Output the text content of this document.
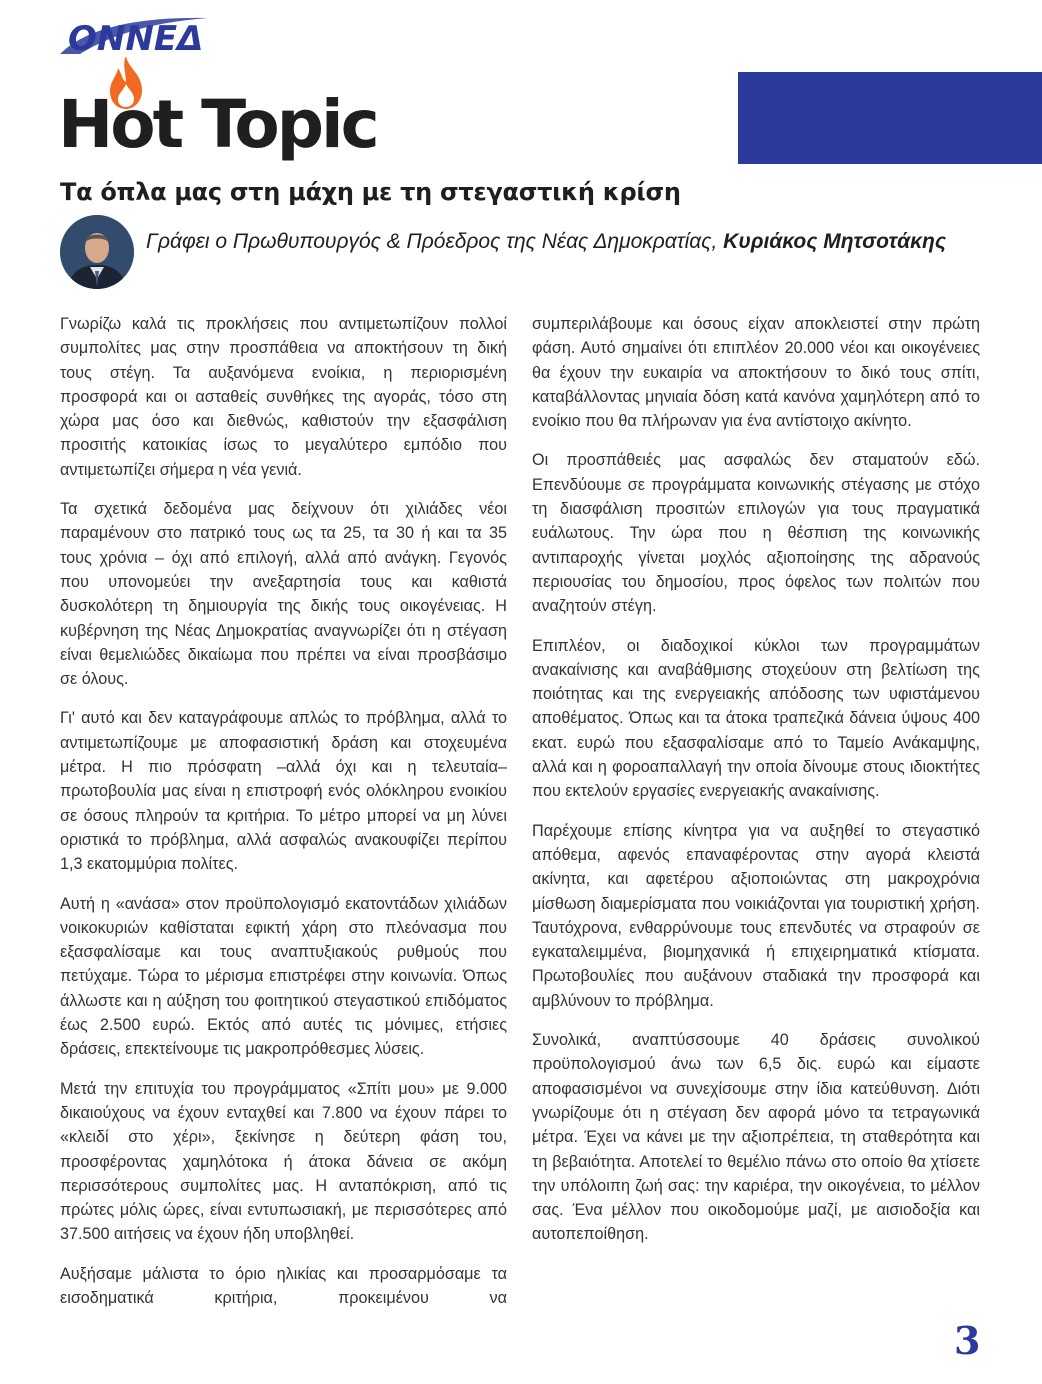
ΟΝΝΕΔ
Hot Topic
Τα όπλα μας στη μάχη με τη στεγαστική κρίση
Γράφει ο Πρωθυπουργός & Πρόεδρος της Νέας Δημοκρατίας, Κυριάκος Μητσοτάκης

Γνωρίζω καλά τις προκλήσεις που αντιμετωπίζουν πολλοί συμπολίτες μας στην προσπάθεια να αποκτήσουν τη δική τους στέγη. Τα αυξανόμενα ενοίκια, η περιορισμένη προσφορά και οι ασταθείς συνθήκες της αγοράς, τόσο στη χώρα μας όσο και διεθνώς, καθιστούν την εξασφάλιση προσιτής κατοικίας ίσως το μεγαλύτερο εμπόδιο που αντιμετωπίζει σήμερα η νέα γενιά.

Τα σχετικά δεδομένα μας δείχνουν ότι χιλιάδες νέοι παραμένουν στο πατρικό τους ως τα 25, τα 30 ή και τα 35 τους χρόνια – όχι από επιλογή, αλλά από ανάγκη. Γεγονός που υπονομεύει την ανεξαρτησία τους και καθιστά δυσκολότερη τη δημιουργία της δικής τους οικογένειας. Η κυβέρνηση της Νέας Δημοκρατίας αναγνωρίζει ότι η στέγαση είναι θεμελιώδες δικαίωμα που πρέπει να είναι προσβάσιμο σε όλους.

Γι' αυτό και δεν καταγράφουμε απλώς το πρόβλημα, αλλά το αντιμετωπίζουμε με αποφασιστική δράση και στοχευμένα μέτρα. Η πιο πρόσφατη –αλλά όχι και η τελευταία– πρωτοβουλία μας είναι η επιστροφή ενός ολόκληρου ενοικίου σε όσους πληρούν τα κριτήρια. Το μέτρο μπορεί να μη λύνει οριστικά το πρόβλημα, αλλά ασφαλώς ανακουφίζει περίπου 1,3 εκατομμύρια πολίτες.

Αυτή η «ανάσα» στον προϋπολογισμό εκατοντάδων χιλιάδων νοικοκυριών καθίσταται εφικτή χάρη στο πλεόνασμα που εξασφαλίσαμε και τους αναπτυξιακούς ρυθμούς που πετύχαμε. Τώρα το μέρισμα επιστρέφει στην κοινωνία. Όπως άλλωστε και η αύξηση του φοιτητικού στεγαστικού επιδόματος έως 2.500 ευρώ. Εκτός από αυτές τις μόνιμες, ετήσιες δράσεις, επεκτείνουμε τις μακροπρόθεσμες λύσεις.

Μετά την επιτυχία του προγράμματος «Σπίτι μου» με 9.000 δικαιούχους να έχουν ενταχθεί και 7.800 να έχουν πάρει το «κλειδί στο χέρι», ξεκίνησε η δεύτερη φάση του, προσφέροντας χαμηλότοκα ή άτοκα δάνεια σε ακόμη περισσότερους συμπολίτες μας. Η ανταπόκριση, από τις πρώτες μόλις ώρες, είναι εντυπωσιακή, με περισσότερες από 37.500 αιτήσεις να έχουν ήδη υποβληθεί.

Αυξήσαμε μάλιστα το όριο ηλικίας και προσαρμόσαμε τα εισοδηματικά κριτήρια, προκειμένου να

συμπεριλάβουμε και όσους είχαν αποκλειστεί στην πρώτη φάση. Αυτό σημαίνει ότι επιπλέον 20.000 νέοι και οικογένειες θα έχουν την ευκαιρία να αποκτήσουν το δικό τους σπίτι, καταβάλλοντας μηνιαία δόση κατά κανόνα χαμηλότερη από το ενοίκιο που θα πλήρωναν για ένα αντίστοιχο ακίνητο.

Οι προσπάθειές μας ασφαλώς δεν σταματούν εδώ. Επενδύουμε σε προγράμματα κοινωνικής στέγασης με στόχο τη διασφάλιση προσιτών επιλογών για τους πραγματικά ευάλωτους. Την ώρα που η θέσπιση της κοινωνικής αντιπαροχής γίνεται μοχλός αξιοποίησης της αδρανούς περιουσίας του δημοσίου, προς όφελος των πολιτών που αναζητούν στέγη.

Επιπλέον, οι διαδοχικοί κύκλοι των προγραμμάτων ανακαίνισης και αναβάθμισης στοχεύουν στη βελτίωση της ποιότητας και της ενεργειακής απόδοσης των υφιστάμενου αποθέματος. Όπως και τα άτοκα τραπεζικά δάνεια ύψους 400 εκατ. ευρώ που εξασφαλίσαμε από το Ταμείο Ανάκαμψης, αλλά και η φοροαπαλλαγή την οποία δίνουμε στους ιδιοκτήτες που εκτελούν εργασίες ενεργειακής ανακαίνισης.

Παρέχουμε επίσης κίνητρα για να αυξηθεί το στεγαστικό απόθεμα, αφενός επαναφέροντας στην αγορά κλειστά ακίνητα, και αφετέρου αξιοποιώντας στη μακροχρόνια μίσθωση διαμερίσματα που νοικιάζονται για τουριστική χρήση. Ταυτόχρονα, ενθαρρύνουμε τους επενδυτές να στραφούν σε εγκαταλειμμένα, βιομηχανικά ή επιχειρηματικά κτίσματα. Πρωτοβουλίες που αυξάνουν σταδιακά την προσφορά και αμβλύνουν το πρόβλημα.

Συνολικά, αναπτύσσουμε 40 δράσεις συνολικού προϋπολογισμού άνω των 6,5 δις. ευρώ και είμαστε αποφασισμένοι να συνεχίσουμε στην ίδια κατεύθυνση. Διότι γνωρίζουμε ότι η στέγαση δεν αφορά μόνο τα τετραγωνικά μέτρα. Έχει να κάνει με την αξιοπρέπεια, τη σταθερότητα και τη βεβαιότητα. Αποτελεί το θεμέλιο πάνω στο οποίο θα χτίσετε την υπόλοιπη ζωή σας: την καριέρα, την οικογένεια, το μέλλον σας. Ένα μέλλον που οικοδομούμε μαζί, με αισιοδοξία και αυτοπεποίθηση.

3
